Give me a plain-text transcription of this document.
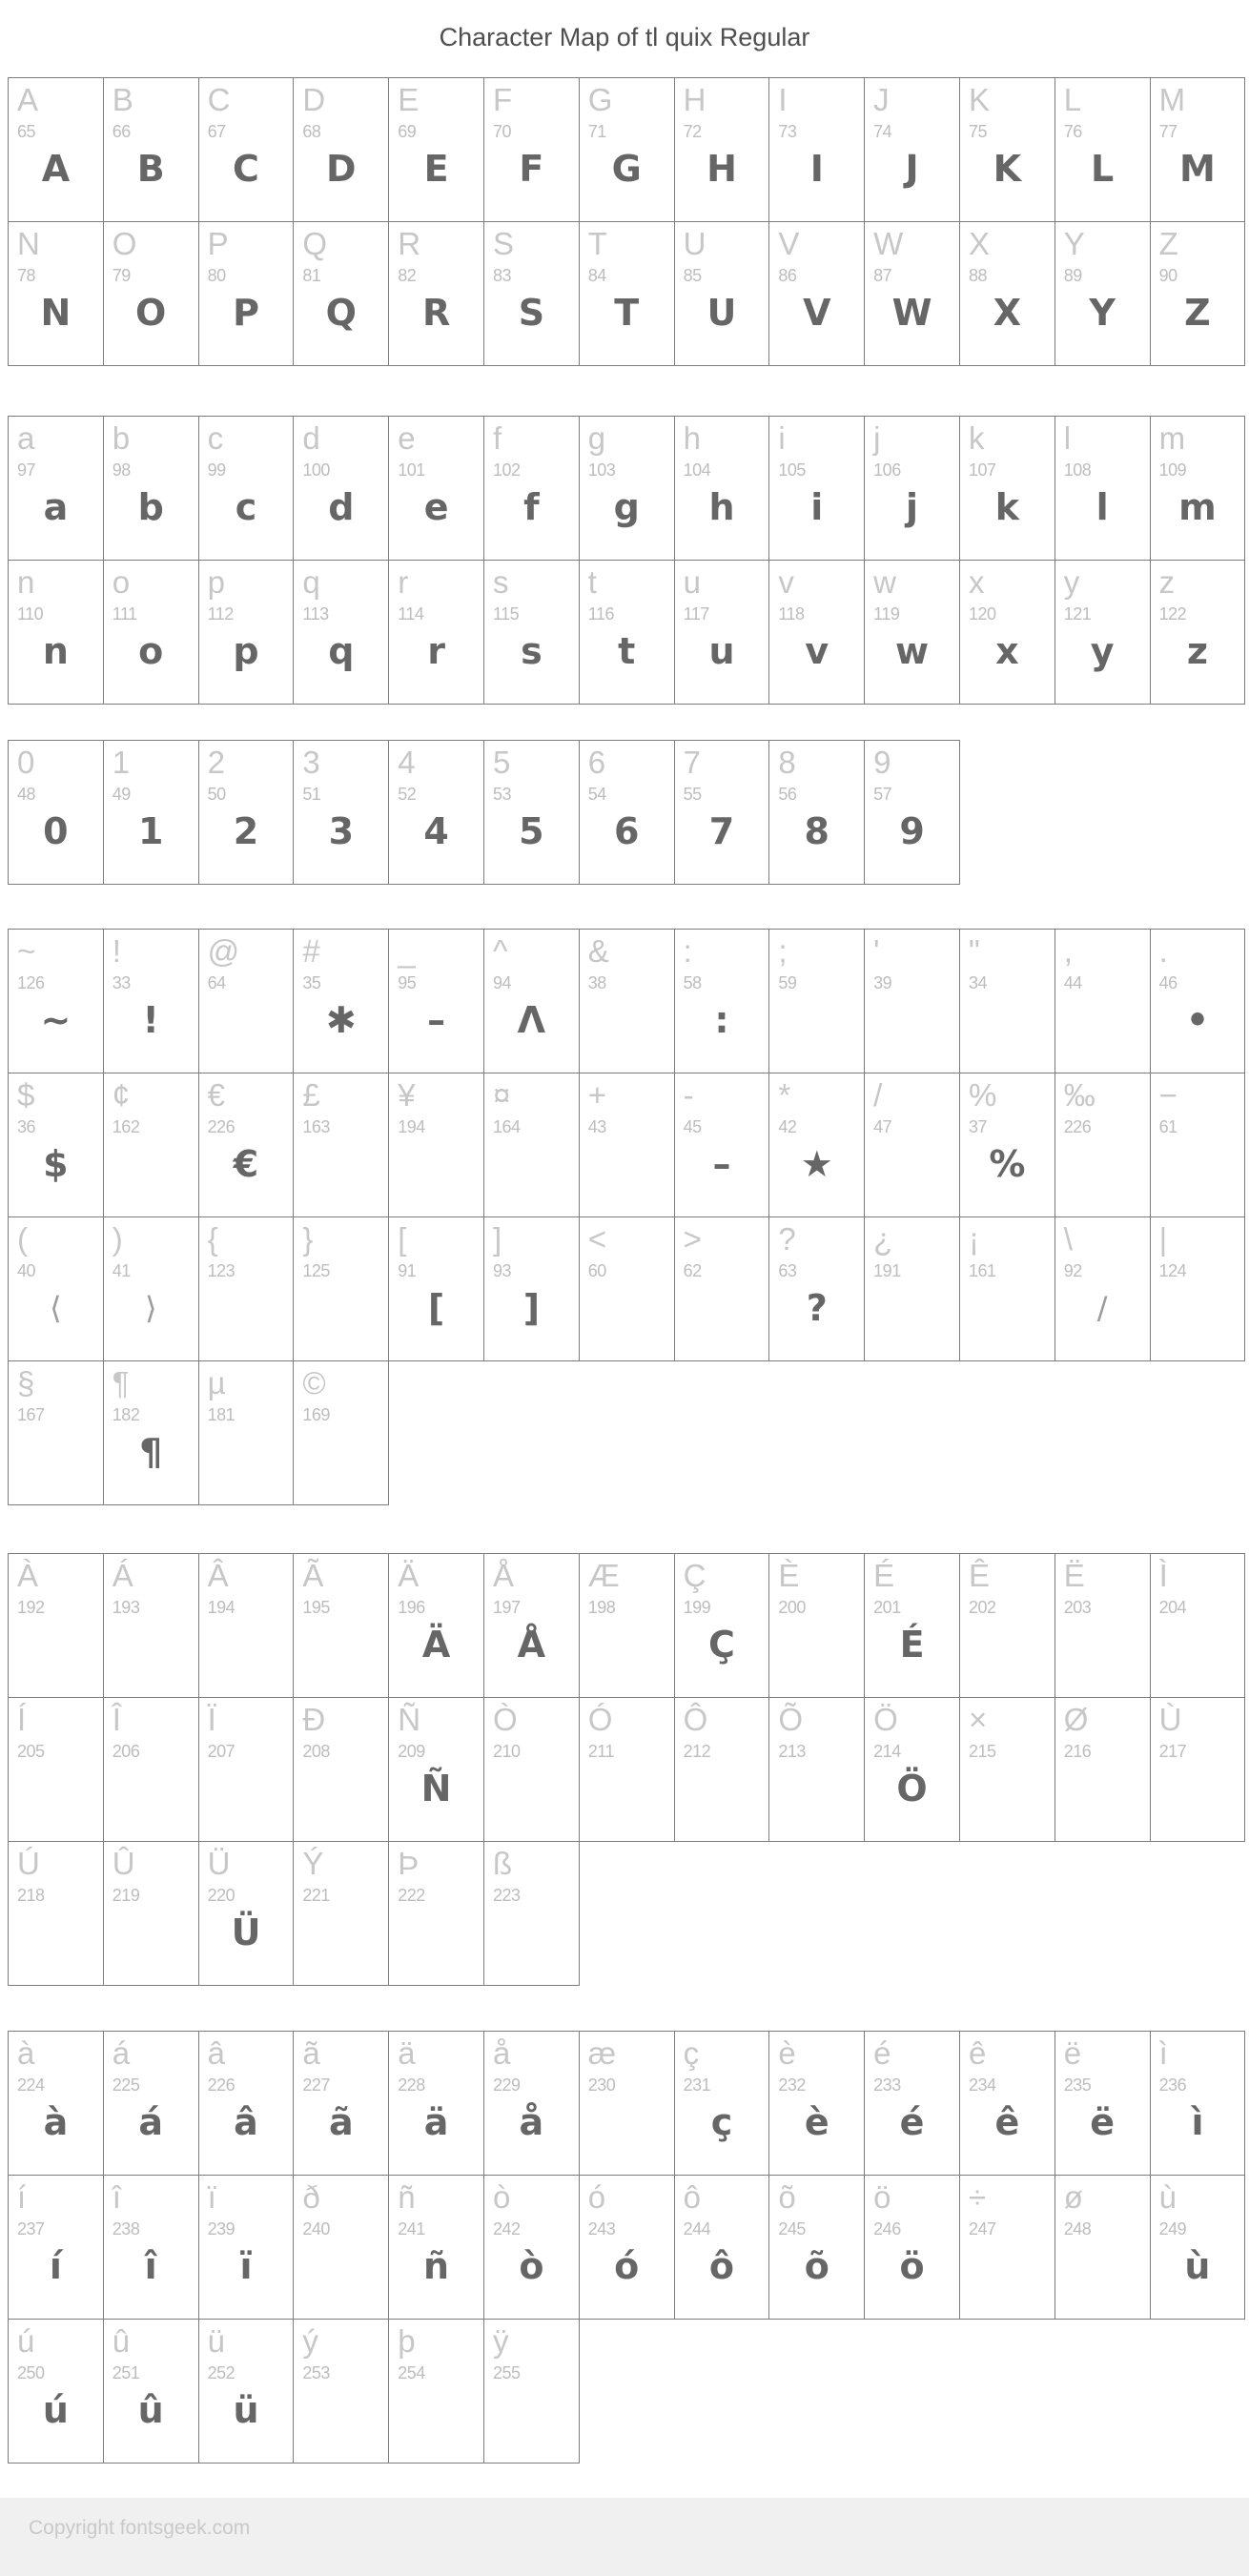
Character Map of tl quix Regular
A
65
A
B
66
B
C
67
C
D
68
D
E
69
E
F
70
F
G
71
G
H
72
H
I
73
I
J
74
J
K
75
K
L
76
L
M
77
M
N
78
N
O
79
O
P
80
P
Q
81
Q
R
82
R
S
83
S
T
84
T
U
85
U
V
86
V
W
87
W
X
88
X
Y
89
Y
Z
90
Z
a
97
a
b
98
b
c
99
c
d
100
d
e
101
e
f
102
f
g
103
g
h
104
h
i
105
i
j
106
j
k
107
k
l
108
l
m
109
m
n
110
n
o
111
o
p
112
p
q
113
q
r
114
r
s
115
s
t
116
t
u
117
u
v
118
v
w
119
w
x
120
x
y
121
y
z
122
z
0
48
0
1
49
1
2
50
2
3
51
3
4
52
4
5
53
5
6
54
6
7
55
7
8
56
8
9
57
9
~
126
~
!
33
!
@
64
#
35
✱
_
95
–
^
94
Λ
&
38
:
58
:
;
59
'
39
"
34
,
44
.
46
•
$
36
$
¢
162
€
226
€
£
163
¥
194
¤
164
+
43
-
45
–
*
42
★
/
47
%
37
%
‰
226
−
61
(
40
⟨
)
41
⟩
{
123
}
125
[
91
[
]
93
]
<
60
>
62
?
63
?
¿
191
¡
161
\
92
/
|
124
§
167
¶
182
¶
µ
181
©
169
À
192
Á
193
Â
194
Ã
195
Ä
196
Ä
Å
197
Å
Æ
198
Ç
199
Ç
È
200
É
201
É
Ê
202
Ë
203
Ì
204
Í
205
Î
206
Ï
207
Ð
208
Ñ
209
Ñ
Ò
210
Ó
211
Ô
212
Õ
213
Ö
214
Ö
×
215
Ø
216
Ù
217
Ú
218
Û
219
Ü
220
Ü
Ý
221
Þ
222
ß
223
à
224
à
á
225
á
â
226
â
ã
227
ã
ä
228
ä
å
229
å
æ
230
ç
231
ç
è
232
è
é
233
é
ê
234
ê
ë
235
ë
ì
236
ì
í
237
í
î
238
î
ï
239
ï
ð
240
ñ
241
ñ
ò
242
ò
ó
243
ó
ô
244
ô
õ
245
õ
ö
246
ö
÷
247
ø
248
ù
249
ù
ú
250
ú
û
251
û
ü
252
ü
ý
253
þ
254
ÿ
255
Copyright fontsgeek.com
